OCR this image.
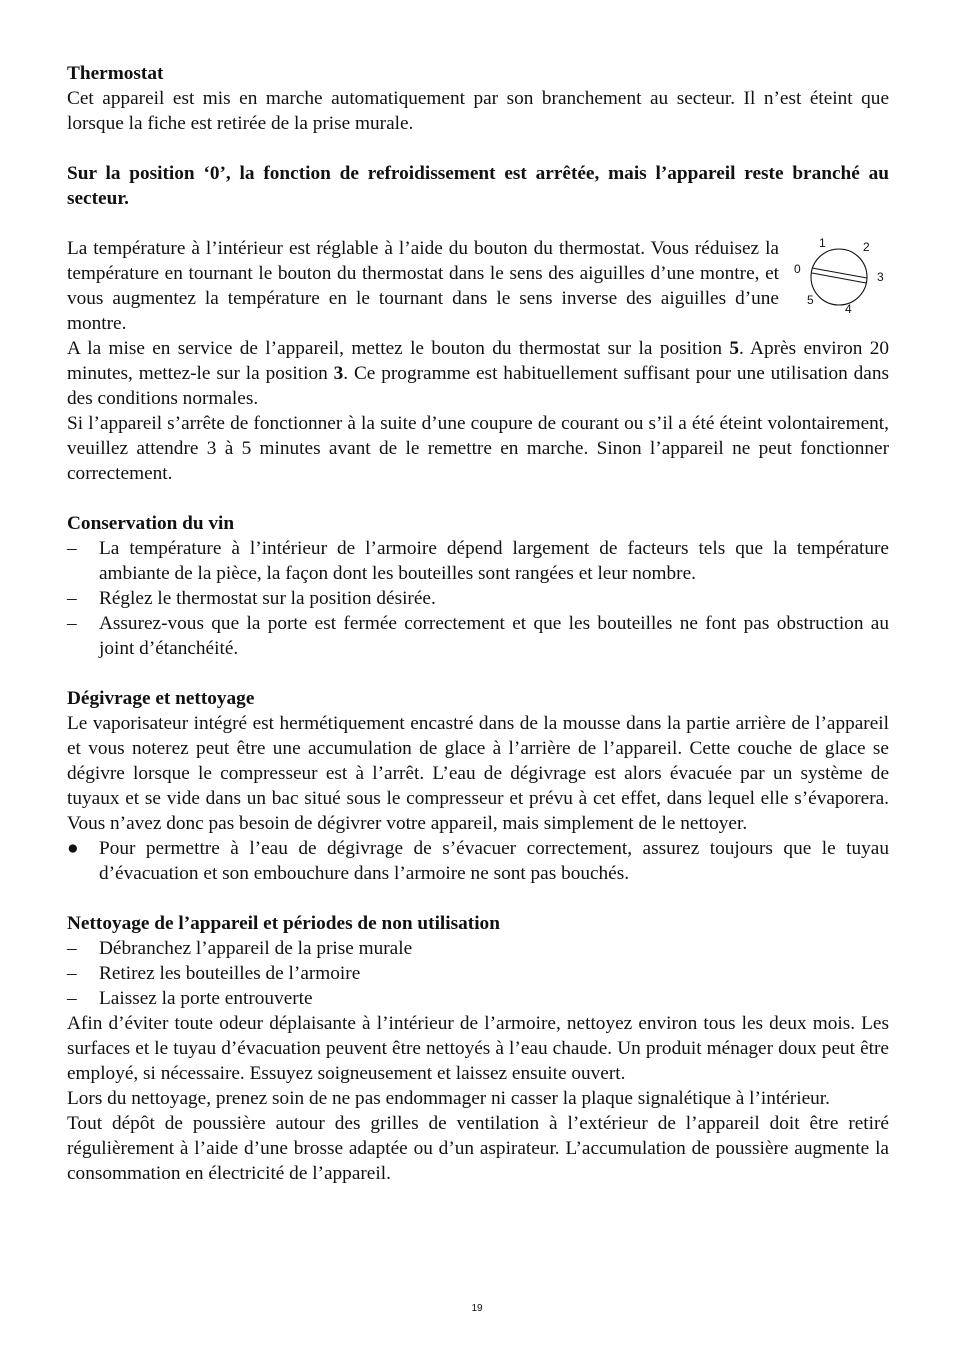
Thermostat

Cet appareil est mis en marche automatiquement par son branchement au secteur. Il n’est éteint que lorsque la fiche est retirée de la prise murale.

Sur la position ‘0’, la fonction de refroidissement est arrêtée, mais l’appareil reste branché au secteur.

0
1	2
3
4
5

La température à l’intérieur est réglable à l’aide du bouton du thermostat. Vous réduisez la température en tournant le bouton du thermostat dans le sens des aiguilles d’une montre, et vous augmentez la température en le tournant dans le sens inverse des aiguilles d’une montre.

A la mise en service de l’appareil, mettez le bouton du thermostat sur la position 5. Après environ 20 minutes, mettez-le sur la position 3. Ce programme est habituellement suffisant pour une utilisation dans des conditions normales.

Si l’appareil s’arrête de fonctionner à la suite d’une coupure de courant ou s’il a été éteint volontairement, veuillez attendre 3 à 5 minutes avant de le remettre en marche. Sinon l’appareil ne peut fonctionner correctement.

Conservation du vin
–	La température à l’intérieur de l’armoire dépend largement de facteurs tels que la température ambiante de la pièce, la façon dont les bouteilles sont rangées et leur nombre.
–	Réglez le thermostat sur la position désirée.
–	Assurez-vous que la porte est fermée correctement et que les bouteilles ne font pas obstruction au joint d’étanchéité.
Dégivrage et nettoyage

Le vaporisateur intégré est hermétiquement encastré dans de la mousse dans la partie arrière de l’appareil et vous noterez peut être une accumulation de glace à l’arrière de l’appareil. Cette couche de glace se dégivre lorsque le compresseur est à l’arrêt. L’eau de dégivrage est alors évacuée par un système de tuyaux et se vide dans un bac situé sous le compresseur et prévu à cet effet, dans lequel elle s’évaporera. Vous n’avez donc pas besoin de dégivrer votre appareil, mais simplement de le nettoyer.

●	Pour permettre à l’eau de dégivrage de s’évacuer correctement, assurez toujours que le tuyau d’évacuation et son embouchure dans l’armoire ne sont pas bouchés.
Nettoyage de l’appareil et périodes de non utilisation
–	Débranchez l’appareil de la prise murale
–	Retirez les bouteilles de l’armoire
–	Laissez la porte entrouverte

Afin d’éviter toute odeur déplaisante à l’intérieur de l’armoire, nettoyez environ tous les deux mois. Les surfaces et le tuyau d’évacuation peuvent être nettoyés à l’eau chaude. Un produit ménager doux peut être employé, si nécessaire. Essuyez soigneusement et laissez ensuite ouvert.

Lors du nettoyage, prenez soin de ne pas endommager ni casser la plaque signalétique à l’intérieur.

Tout dépôt de poussière autour des grilles de ventilation à l’extérieur de l’appareil doit être retiré régulièrement à l’aide d’une brosse adaptée ou d’un aspirateur. L’accumulation de poussière augmente la consommation en électricité de l’appareil.

19
